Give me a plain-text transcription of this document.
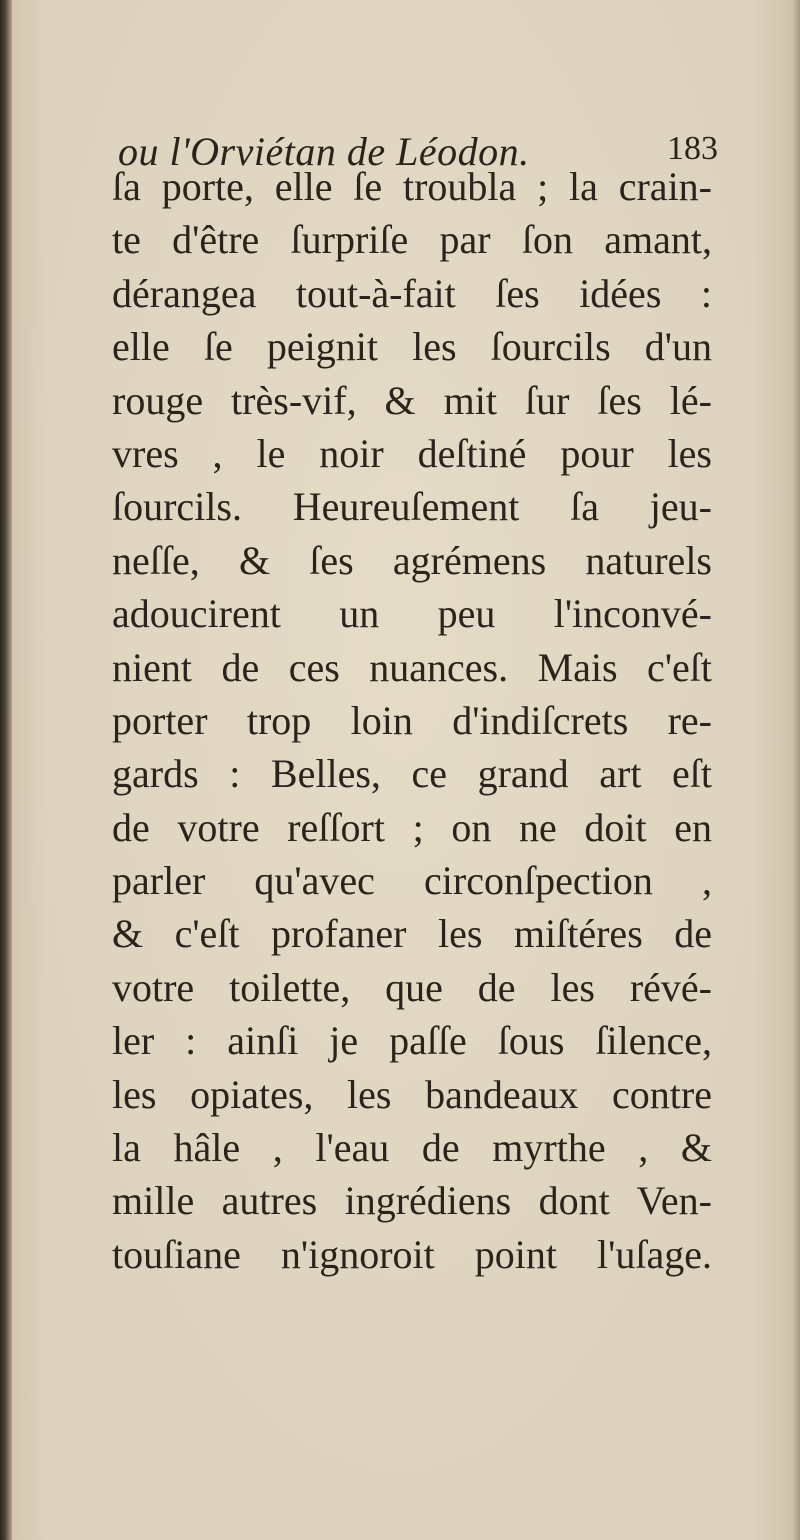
ou l'Orviétan de Léodon.	183
ſa porte, elle ſe troubla ; la crain-
te d'être ſurpriſe par ſon amant,
dérangea tout-à-fait ſes idées :
elle ſe peignit les ſourcils d'un
rouge très-vif, & mit ſur ſes lé-
vres , le noir deſtiné pour les
ſourcils. Heureuſement ſa jeu-
neſſe, & ſes agrémens naturels
adoucirent un peu l'inconvé-
nient de ces nuances. Mais c'eſt
porter trop loin d'indiſcrets re-
gards : Belles, ce grand art eſt
de votre reſſort ; on ne doit en
parler qu'avec circonſpection ,
& c'eſt profaner les miſtéres de
votre toilette, que de les révé-
ler : ainſi je paſſe ſous ſilence,
les opiates, les bandeaux contre
la hâle , l'eau de myrthe , &
mille autres ingrédiens dont Ven-
touſiane n'ignoroit point l'uſage.
